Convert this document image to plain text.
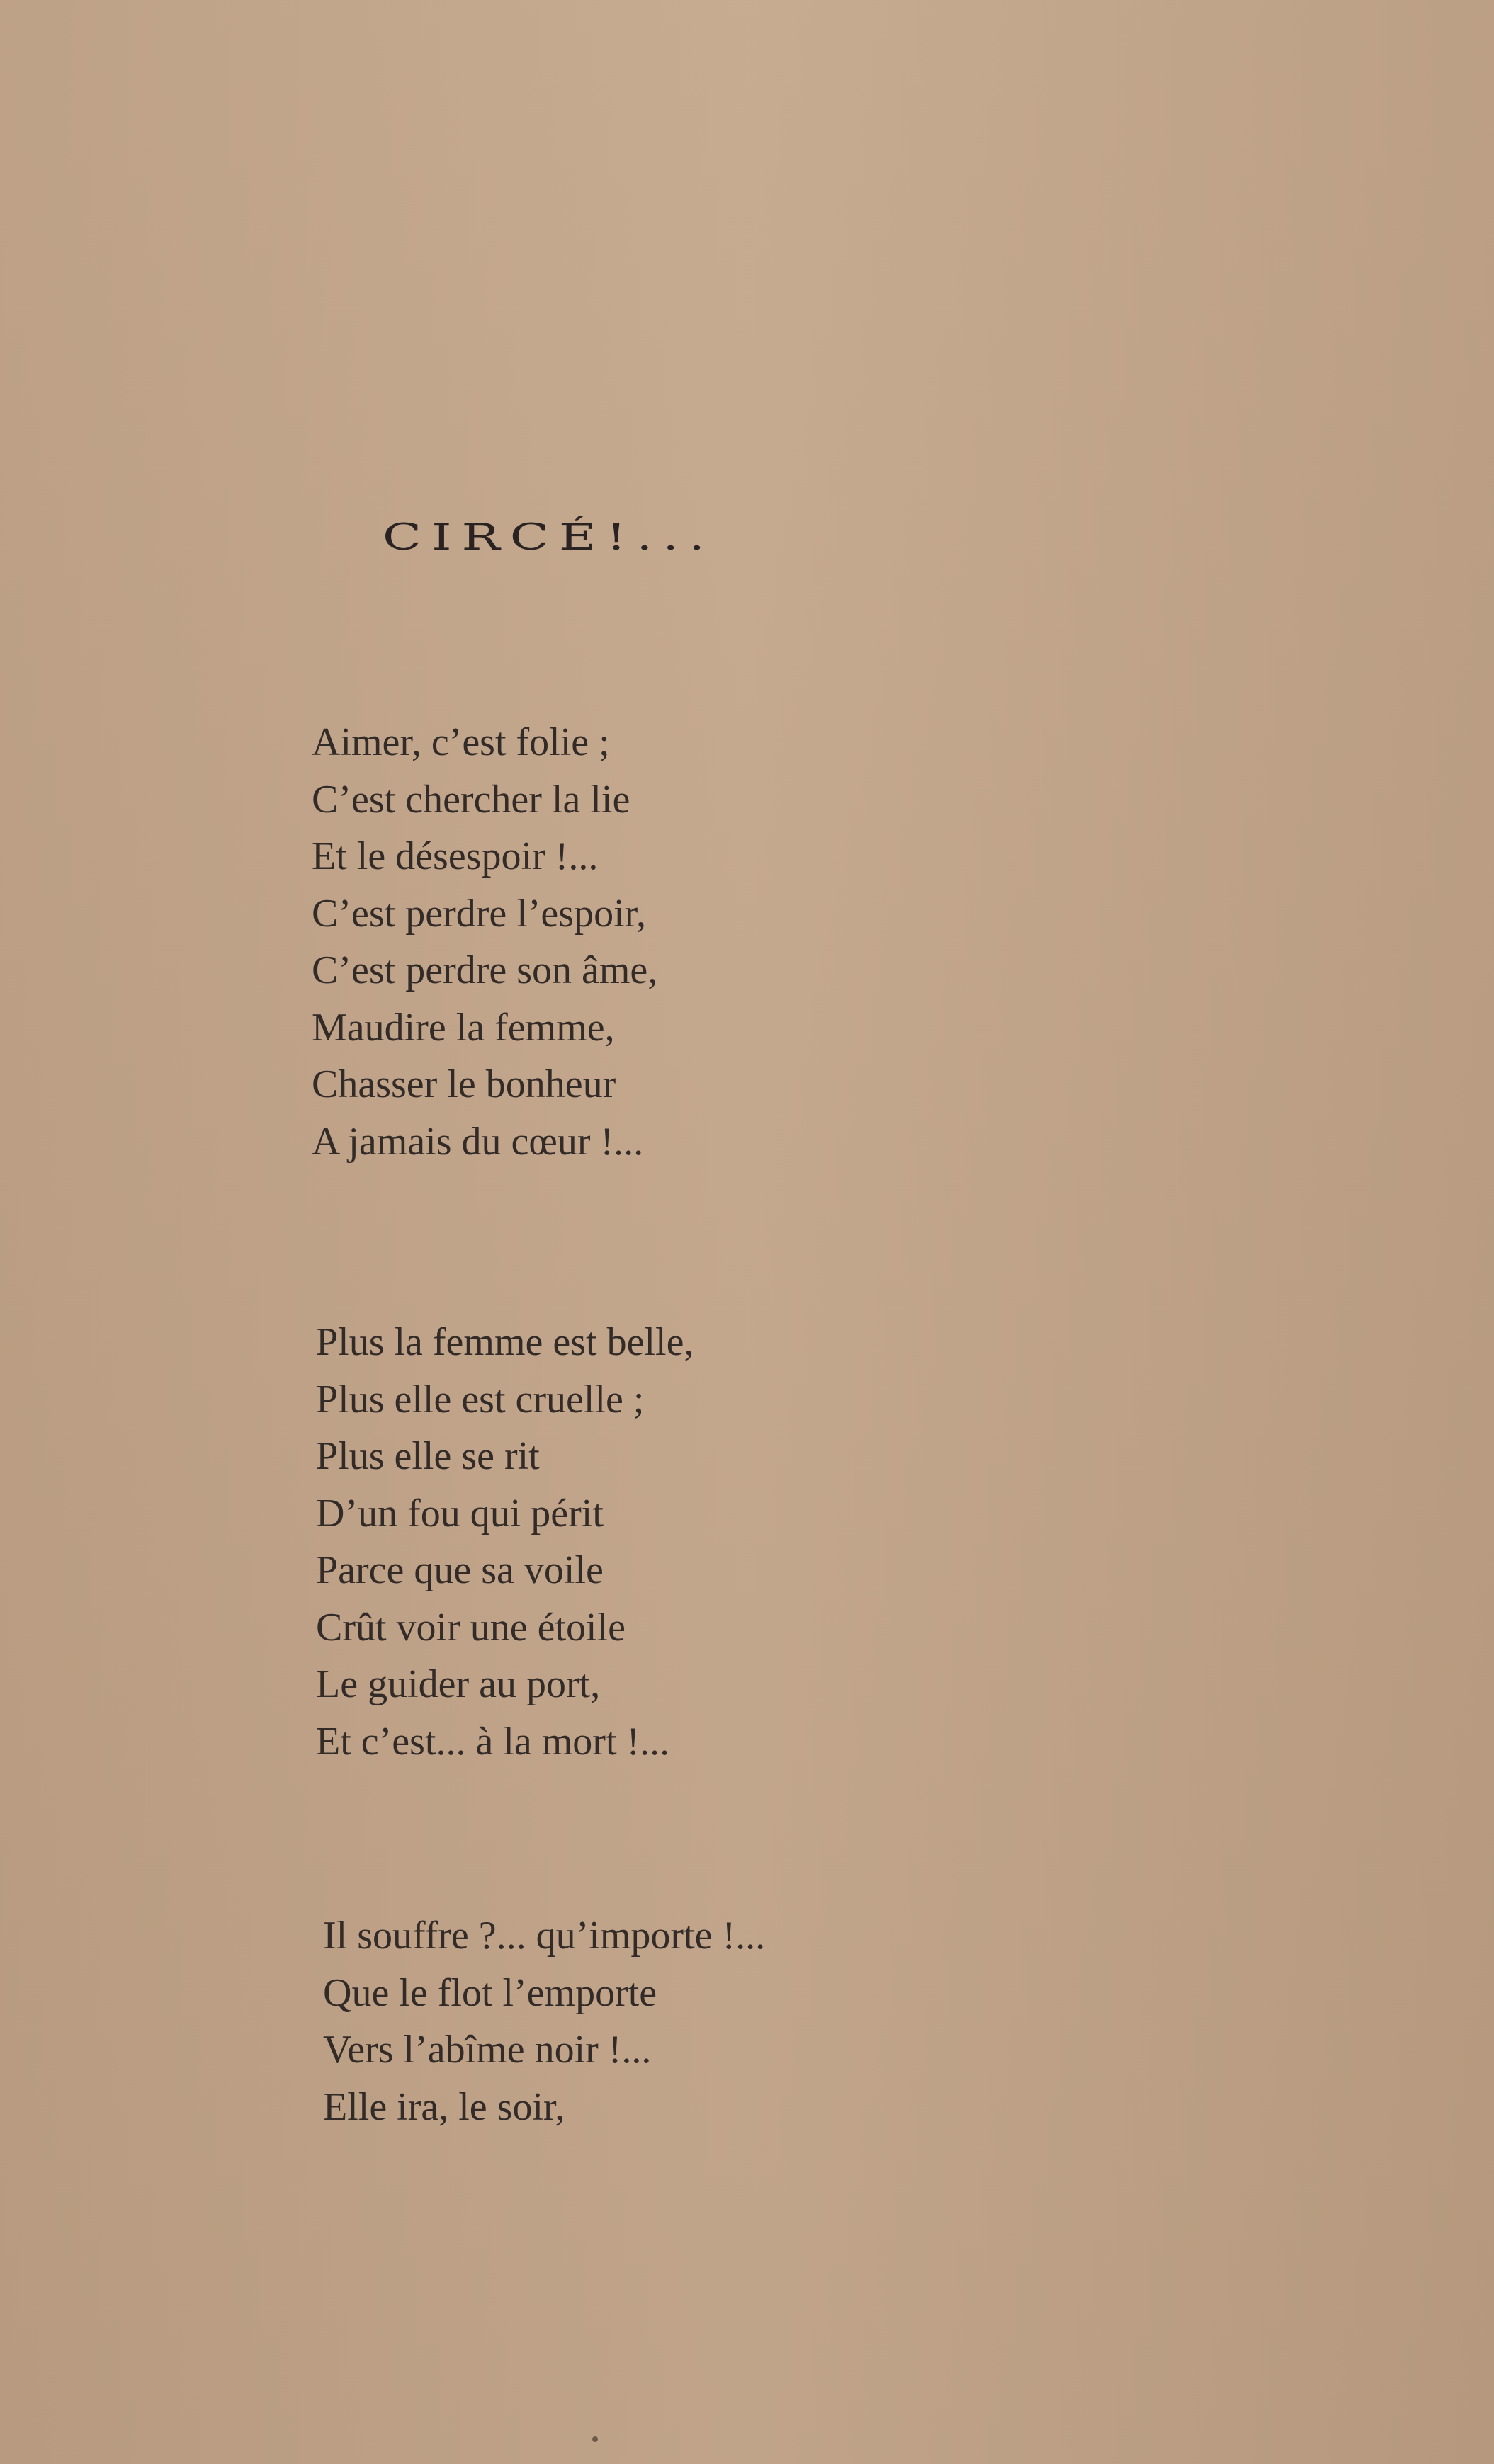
CIRCÉ!...
Aimer, c’est folie ;
C’est chercher la lie
Et le désespoir !...
C’est perdre l’espoir,
C’est perdre son âme,
Maudire la femme,
Chasser le bonheur
A jamais du cœur !...
Plus la femme est belle,
Plus elle est cruelle ;
Plus elle se rit
D’un fou qui périt
Parce que sa voile
Crût voir une étoile
Le guider au port,
Et c’est... à la mort !...
Il souffre ?... qu’importe !...
Que le flot l’emporte
Vers l’abîme noir !...
Elle ira, le soir,
